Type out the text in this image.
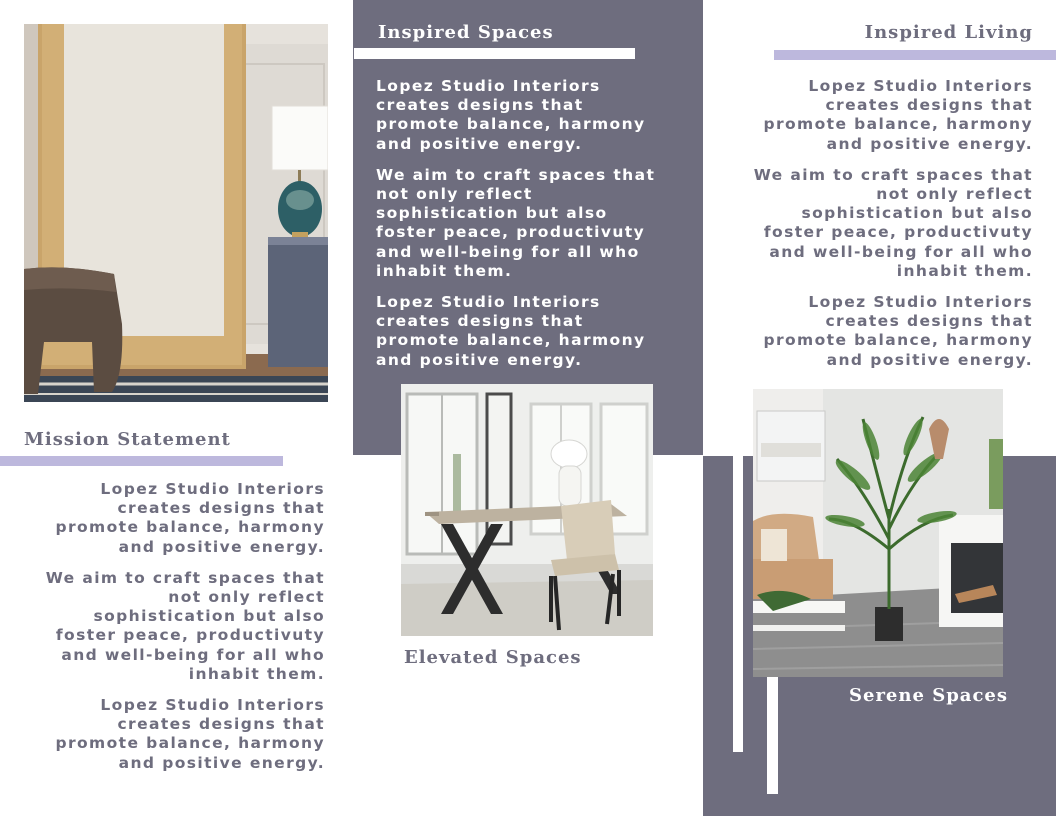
Mission Statement
Inspired Spaces	Inspired Living
Elevated Spaces
Serene Spaces

Lopez Studio Interiors creates designs that promote balance, harmony and positive energy.

We aim to craft spaces that not only reflect sophistication but also foster peace, productivuty and well-being for all who inhabit them.

Lopez Studio Interiors creates designs that promote balance, harmony and positive energy.

Lopez Studio Interiors creates designs that promote balance, harmony and positive energy.

We aim to craft spaces that not only reflect sophistication but also foster peace, productivuty and well-being for all who inhabit them.

Lopez Studio Interiors creates designs that promote balance, harmony and positive energy.

Lopez Studio Interiors creates designs that promote balance, harmony and positive energy.

We aim to craft spaces that not only reflect sophistication but also foster peace, productivuty and well-being for all who inhabit them.

Lopez Studio Interiors creates designs that promote balance, harmony and positive energy.
